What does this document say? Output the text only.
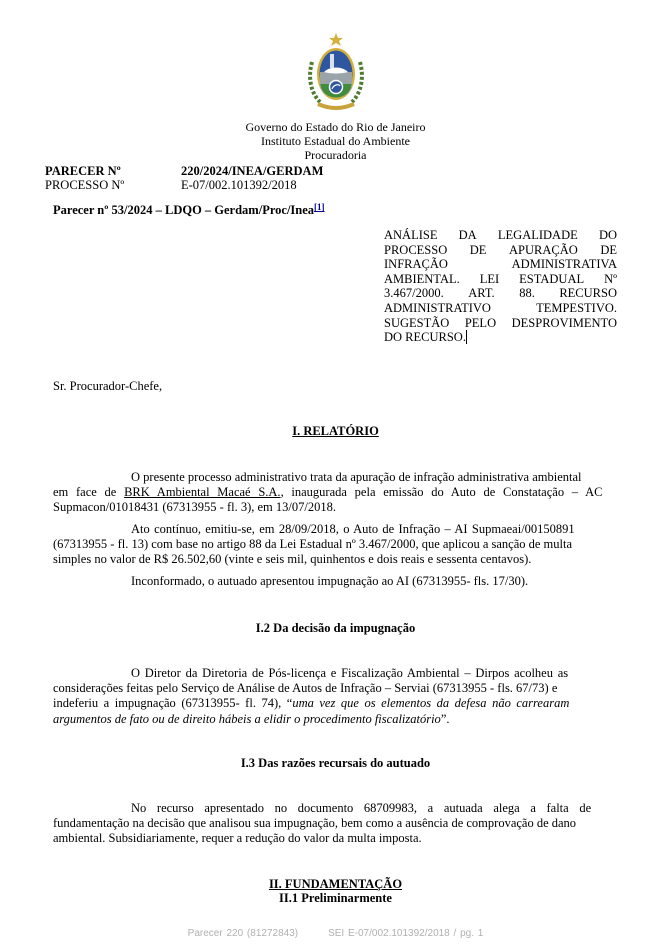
Governo do Estado do Rio de Janeiro
Instituto Estadual do Ambiente
Procuradoria
PARECER Nº	220/2024/INEA/GERDAM
PROCESSO Nº	E-07/002.101392/2018
Parecer nº 53/2024 – LDQO – Gerdam/Proc/Inea[1]
ANÁLISE DA LEGALIDADE DO
PROCESSO DE APURAÇÃO DE
INFRAÇÃO	ADMINISTRATIVA
AMBIENTAL. LEI ESTADUAL Nº
3.467/2000. ART. 88. RECURSO
ADMINISTRATIVO	TEMPESTIVO.
SUGESTÃO PELO DESPROVIMENTO
DO RECURSO.
Sr. Procurador-Chefe,
I. RELATÓRIO
O presente processo administrativo trata da apuração de infração administrativa ambiental
em face de
BRK Ambiental Macaé S.A. , inaugurada pela emissão do Auto de Constatação – AC
Supmacon/01018431 (67313955 - fl. 3), em 13/07/2018.
Ato contínuo, emitiu-se, em 28/09/2018, o Auto de Infração – AI Supmaeai/00150891
(67313955 - fl. 13) com base no artigo 88 da Lei Estadual nº 3.467/2000, que aplicou a sanção de multa
simples no valor de R$ 26.502,60 (vinte e seis mil, quinhentos e dois reais e sessenta centavos).
Inconformado, o autuado apresentou impugnação ao AI (67313955- fls. 17/30).
I.2 Da decisão da impugnação
O Diretor da Diretoria de Pós-licença e Fiscalização Ambiental – Dirpos acolheu as
considerações feitas pelo Serviço de Análise de Autos de Infração – Serviai (67313955 - fls. 67/73) e
indeferiu a impugnação (67313955- fl. 74), “uma vez que os elementos da defesa não carrearam
argumentos de fato ou de direito hábeis a elidir o procedimento fiscalizatório”.
I.3 Das razões recursais do autuado
No recurso apresentado no documento 68709983, a autuada alega a falta de
fundamentação na decisão que analisou sua impugnação, bem como a ausência de comprovação de dano
ambiental. Subsidiariamente, requer a redução do valor da multa imposta.
II. FUNDAMENTAÇÃO
II.1 Preliminarmente
Parecer 220 (81272843)	SEI E-07/002.101392/2018 / pg. 1
